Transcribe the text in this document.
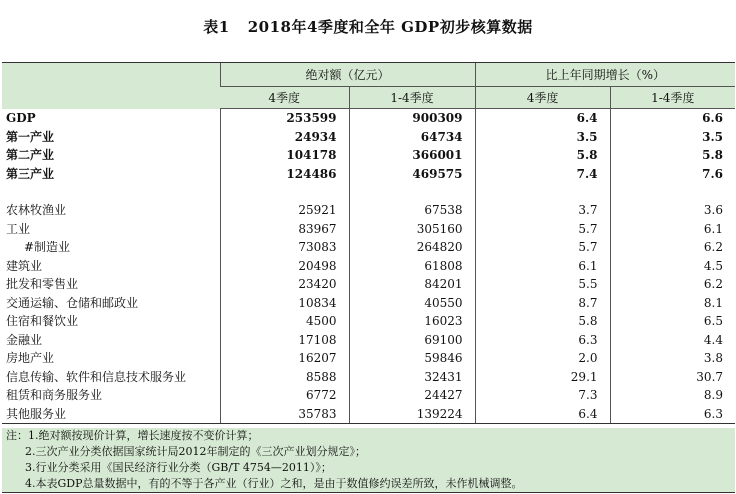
表1 2018年4季度和全年 GDP初步核算数据
	绝对额（亿元）		比上年同期增长（%）	
	4季度	1-4季度	4季度	1-4季度
GDP	253599	900309	6.4	6.6
第一产业	24934	64734	3.5	3.5
第二产业	104178	366001	5.8	5.8
第三产业	124486	469575	7.4	7.6

农林牧渔业	25921	67538	3.7	3.6
工业	83967	305160	5.7	6.1
#制造业	73083	264820	5.7	6.2
建筑业	20498	61808	6.1	4.5
批发和零售业	23420	84201	5.5	6.2
交通运输、仓储和邮政业	10834	40550	8.7	8.1
住宿和餐饮业	4500	16023	5.8	6.5
金融业	17108	69100	6.3	4.4
房地产业	16207	59846	2.0	3.8
信息传输、软件和信息技术服务业	8588	32431	29.1	30.7
租赁和商务服务业	6772	24427	7.3	8.9
其他服务业	35783	139224	6.4	6.3
注：1.绝对额按现价计算，增长速度按不变价计算；
2.三次产业分类依据国家统计局2012年制定的《三次产业划分规定》；
3.行业分类采用《国民经济行业分类（GB/T 4754—2011）》；
4.本表GDP总量数据中，有的不等于各产业（行业）之和，是由于数值修约误差所致，未作机械调整。
